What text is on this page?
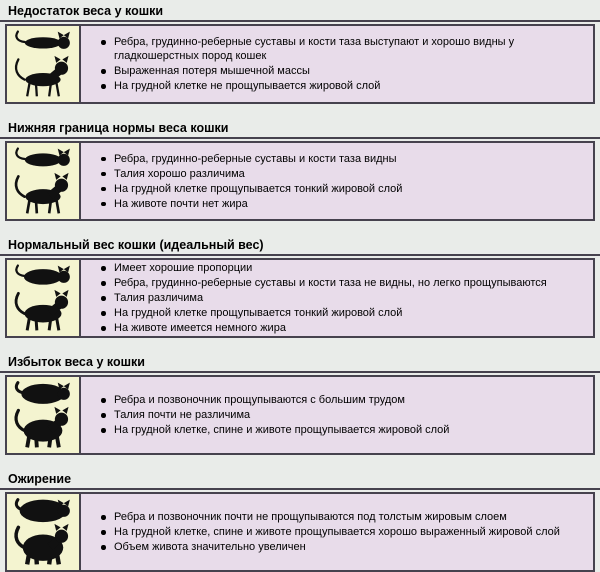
Недостаток веса у кошки
Ребра, грудинно-реберные суставы и кости таза выступают и хорошо видны у гладкошерстных пород кошек
Выраженная потеря мышечной массы
На грудной клетке не прощупывается жировой слой
Нижняя граница нормы веса кошки
Ребра, грудинно-реберные суставы и кости таза видны
Талия хорошо различима
На грудной клетке прощупывается тонкий жировой слой
На животе почти нет жира
Нормальный вес кошки (идеальный вес)
Имеет хорошие пропорции
Ребра, грудинно-реберные суставы и кости таза не видны, но легко прощупываются
Талия различима
На грудной клетке прощупывается тонкий жировой слой
На животе имеется немного жира
Избыток веса у кошки
Ребра и позвоночник прощупываются с большим трудом
Талия почти не различима
На грудной клетке, спине и животе прощупывается жировой слой
Ожирение
Ребра и позвоночник почти не прощупываются под толстым жировым слоем
На грудной клетке, спине и животе прощупывается хорошо выраженный жировой слой
Объем живота значительно увеличен
